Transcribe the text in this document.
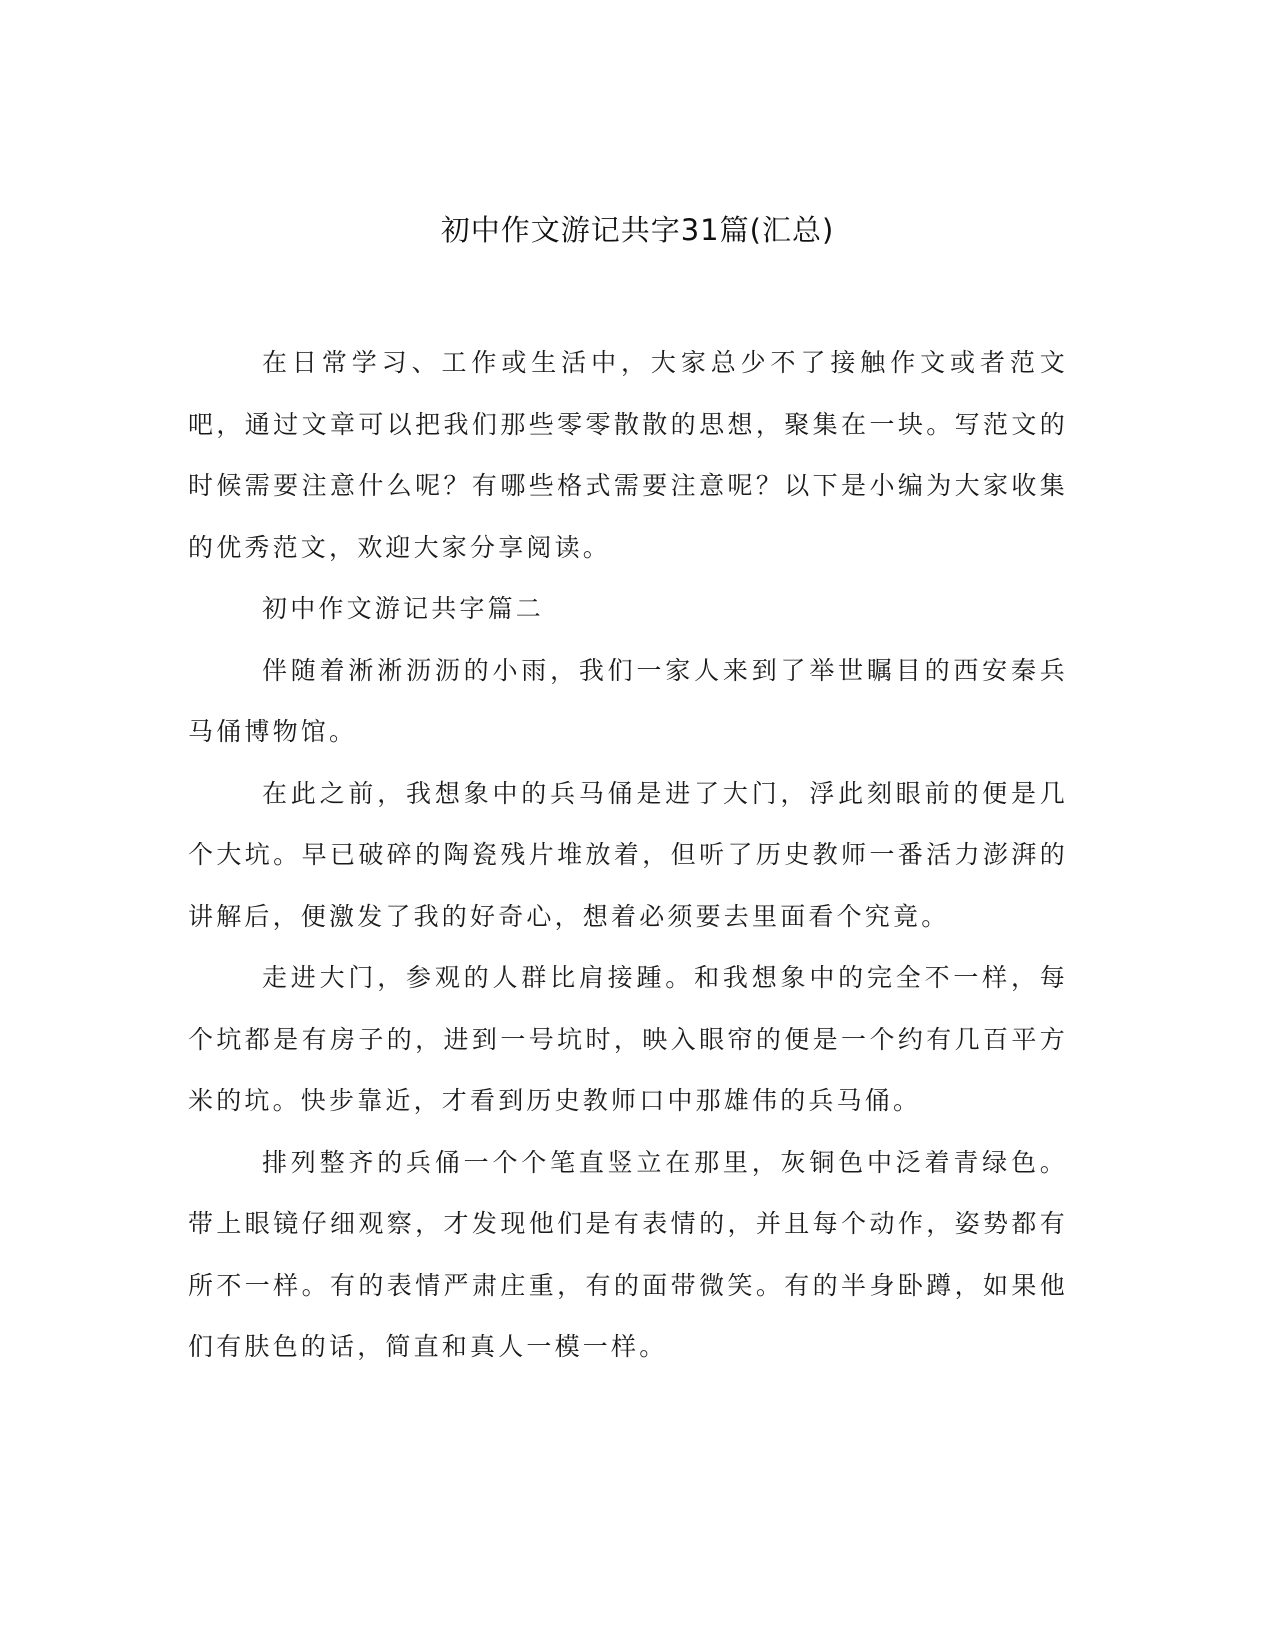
初中作文游记共字31篇(汇总)

在日常学习、工作或生活中，大家总少不了接触作文或者范文吧，通过文章可以把我们那些零零散散的思想，聚集在一块。写范文的时候需要注意什么呢？有哪些格式需要注意呢？以下是小编为大家收集的优秀范文，欢迎大家分享阅读。

初中作文游记共字篇二

伴随着淅淅沥沥的小雨，我们一家人来到了举世瞩目的西安秦兵马俑博物馆。

在此之前，我想象中的兵马俑是进了大门，浮此刻眼前的便是几个大坑。早已破碎的陶瓷残片堆放着，但听了历史教师一番活力澎湃的讲解后，便激发了我的好奇心，想着必须要去里面看个究竟。

走进大门，参观的人群比肩接踵。和我想象中的完全不一样，每个坑都是有房子的，进到一号坑时，映入眼帘的便是一个约有几百平方米的坑。快步靠近，才看到历史教师口中那雄伟的兵马俑。

排列整齐的兵俑一个个笔直竖立在那里，灰铜色中泛着青绿色。带上眼镜仔细观察，才发现他们是有表情的，并且每个动作，姿势都有所不一样。有的表情严肃庄重，有的面带微笑。有的半身卧蹲，如果他们有肤色的话，简直和真人一模一样。
